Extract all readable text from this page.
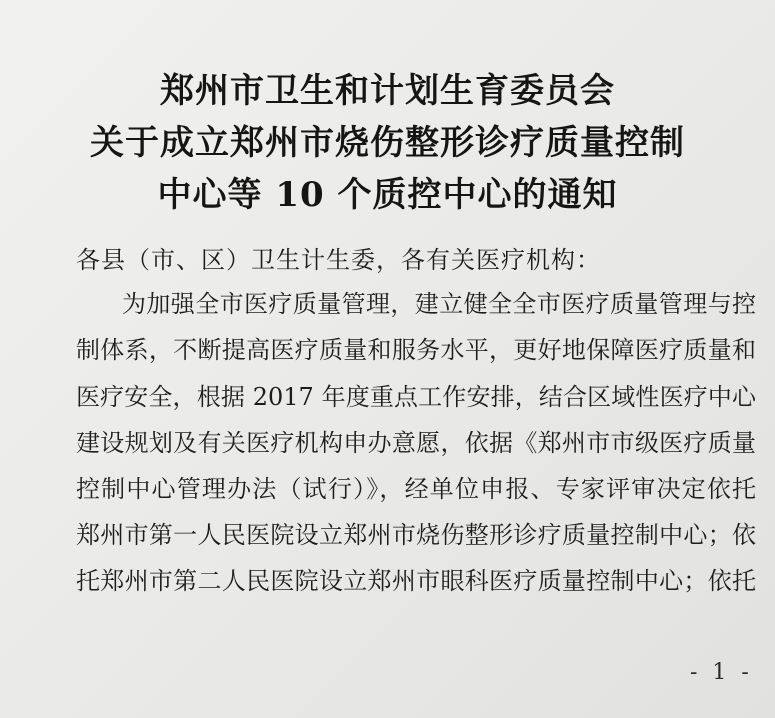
郑州市卫生和计划生育委员会
关于成立郑州市烧伤整形诊疗质量控制
中心等 10 个质控中心的通知
各县（市、区）卫生计生委，各有关医疗机构：
为加强全市医疗质量管理，建立健全全市医疗质量管理与控
制体系，不断提高医疗质量和服务水平，更好地保障医疗质量和
医疗安全，根据 2017 年度重点工作安排，结合区域性医疗中心
建设规划及有关医疗机构申办意愿，依据《郑州市市级医疗质量
控制中心管理办法（试行）》，经单位申报、专家评审决定依托
郑州市第一人民医院设立郑州市烧伤整形诊疗质量控制中心；依
托郑州市第二人民医院设立郑州市眼科医疗质量控制中心；依托
- 1 -
